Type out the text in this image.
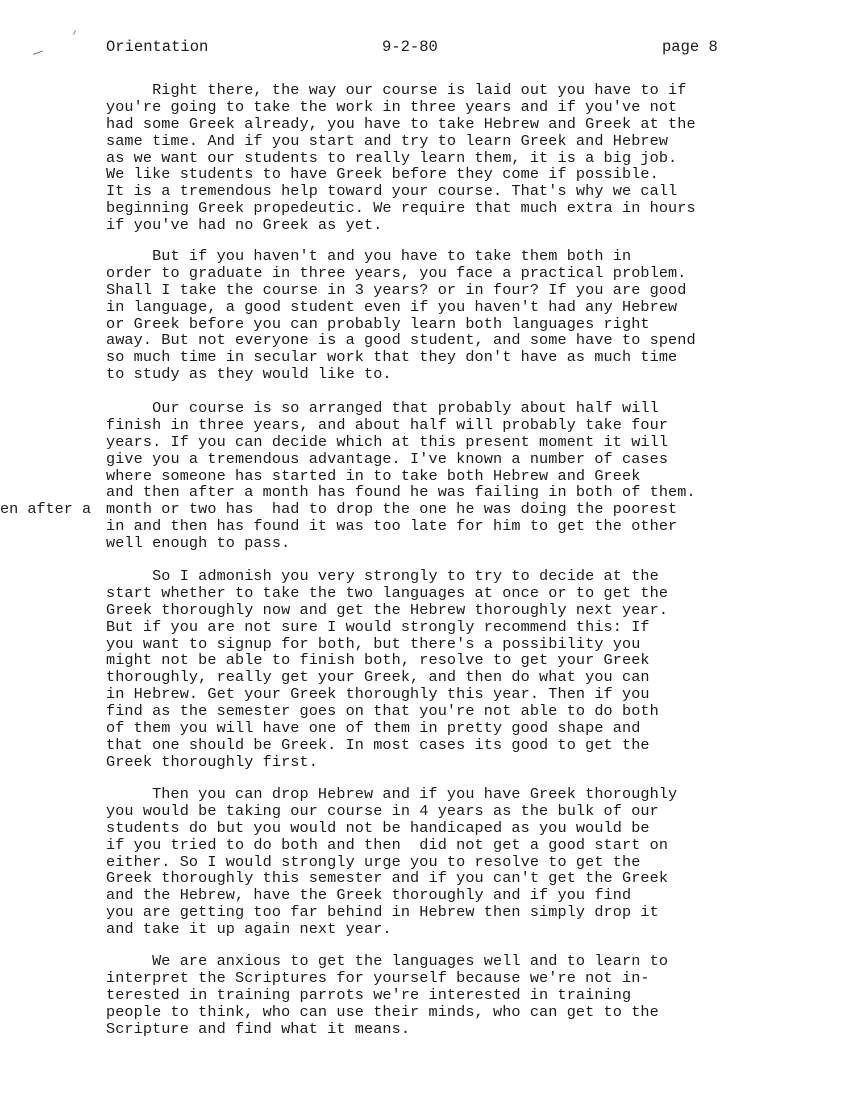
Orientation	9-2-80	page 8
en after a
Right there, the way our course is laid out you have to if
you're going to take the work in three years and if you've not
had some Greek already, you have to take Hebrew and Greek at the
same time. And if you start and try to learn Greek and Hebrew
as we want our students to really learn them, it is a big job.
We like students to have Greek before they come if possible.
It is a tremendous help toward your course. That's why we call
beginning Greek propedeutic. We require that much extra in hours
if you've had no Greek as yet.
But if you haven't and you have to take them both in
order to graduate in three years, you face a practical problem.
Shall I take the course in 3 years? or in four? If you are good
in language, a good student even if you haven't had any Hebrew
or Greek before you can probably learn both languages right
away. But not everyone is a good student, and some have to spend
so much time in secular work that they don't have as much time
to study as they would like to.
Our course is so arranged that probably about half will
finish in three years, and about half will probably take four
years. If you can decide which at this present moment it will
give you a tremendous advantage. I've known a number of cases
where someone has started in to take both Hebrew and Greek
and then after a month has found he was failing in both of them.
month or two has  had to drop the one he was doing the poorest
in and then has found it was too late for him to get the other
well enough to pass.
So I admonish you very strongly to try to decide at the
start whether to take the two languages at once or to get the
Greek thoroughly now and get the Hebrew thoroughly next year.
But if you are not sure I would strongly recommend this: If
you want to signup for both, but there's a possibility you
might not be able to finish both, resolve to get your Greek
thoroughly, really get your Greek, and then do what you can
in Hebrew. Get your Greek thoroughly this year. Then if you
find as the semester goes on that you're not able to do both
of them you will have one of them in pretty good shape and
that one should be Greek. In most cases its good to get the
Greek thoroughly first.
Then you can drop Hebrew and if you have Greek thoroughly
you would be taking our course in 4 years as the bulk of our
students do but you would not be handicaped as you would be
if you tried to do both and then  did not get a good start on
either. So I would strongly urge you to resolve to get the
Greek thoroughly this semester and if you can't get the Greek
and the Hebrew, have the Greek thoroughly and if you find
you are getting too far behind in Hebrew then simply drop it
and take it up again next year.
We are anxious to get the languages well and to learn to
interpret the Scriptures for yourself because we're not in-
terested in training parrots we're interested in training
people to think, who can use their minds, who can get to the
Scripture and find what it means.
